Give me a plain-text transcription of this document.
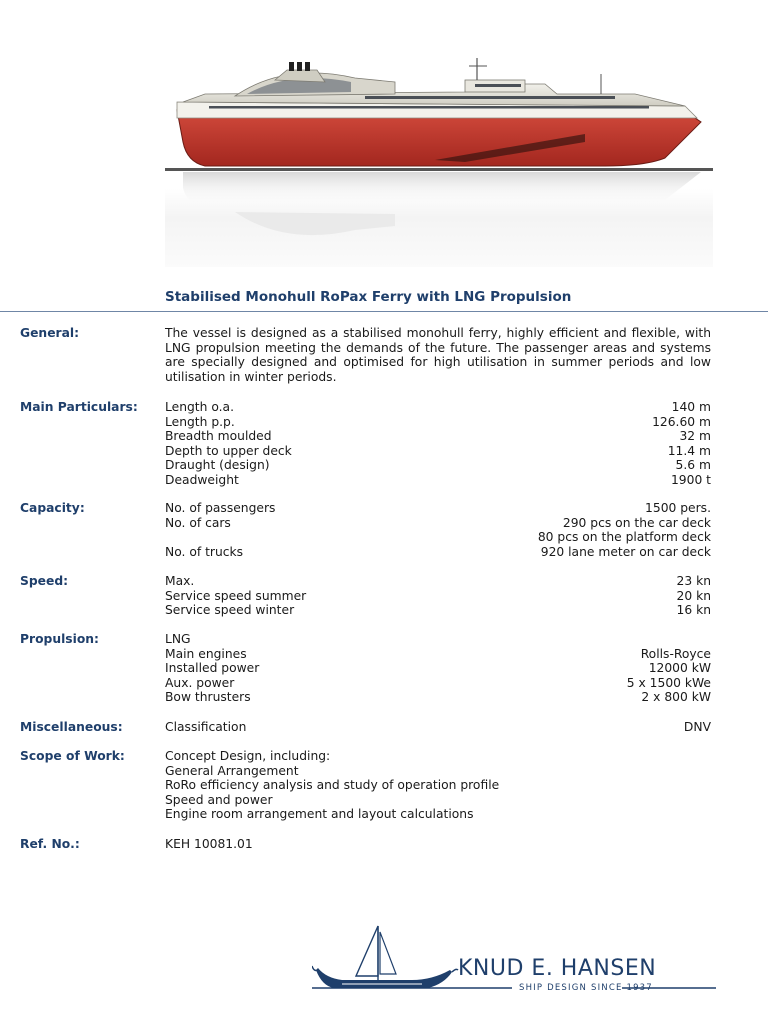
Stabilised Monohull RoPax Ferry with LNG Propulsion
General:	The vessel is designed as a stabilised monohull ferry, highly efficient and flexible, with LNG propulsion meeting the demands of the future. The passenger areas and systems are specially designed and optimised for high utilisation in summer periods and low utilisation in winter periods.
Main Particulars: Length o.a.	140 m
Length p.p.	126.60 m
Breadth moulded	32 m
Depth to upper deck	11.4 m
Draught (design)	5.6 m
Deadweight	1900 t
Capacity:	No. of passengers	1500 pers.
No. of cars	290 pcs on the car deck
80 pcs on the platform deck
No. of trucks	920 lane meter on car deck
Speed:	Max.	23 kn
Service speed summer	20 kn
Service speed winter	16 kn
Propulsion:	LNG
Main engines	Rolls-Royce
Installed power	12000 kW
Aux. power	5 x 1500 kWe
Bow thrusters	2 x 800 kW
Miscellaneous:	Classification	DNV
Scope of Work:	Concept Design, including:
General Arrangement
RoRo efficiency analysis and study of operation profile
Speed and power
Engine room arrangement and layout calculations
Ref. No.:	KEH 10081.01
KNUD E. HANSEN
SHIP DESIGN SINCE 1937
